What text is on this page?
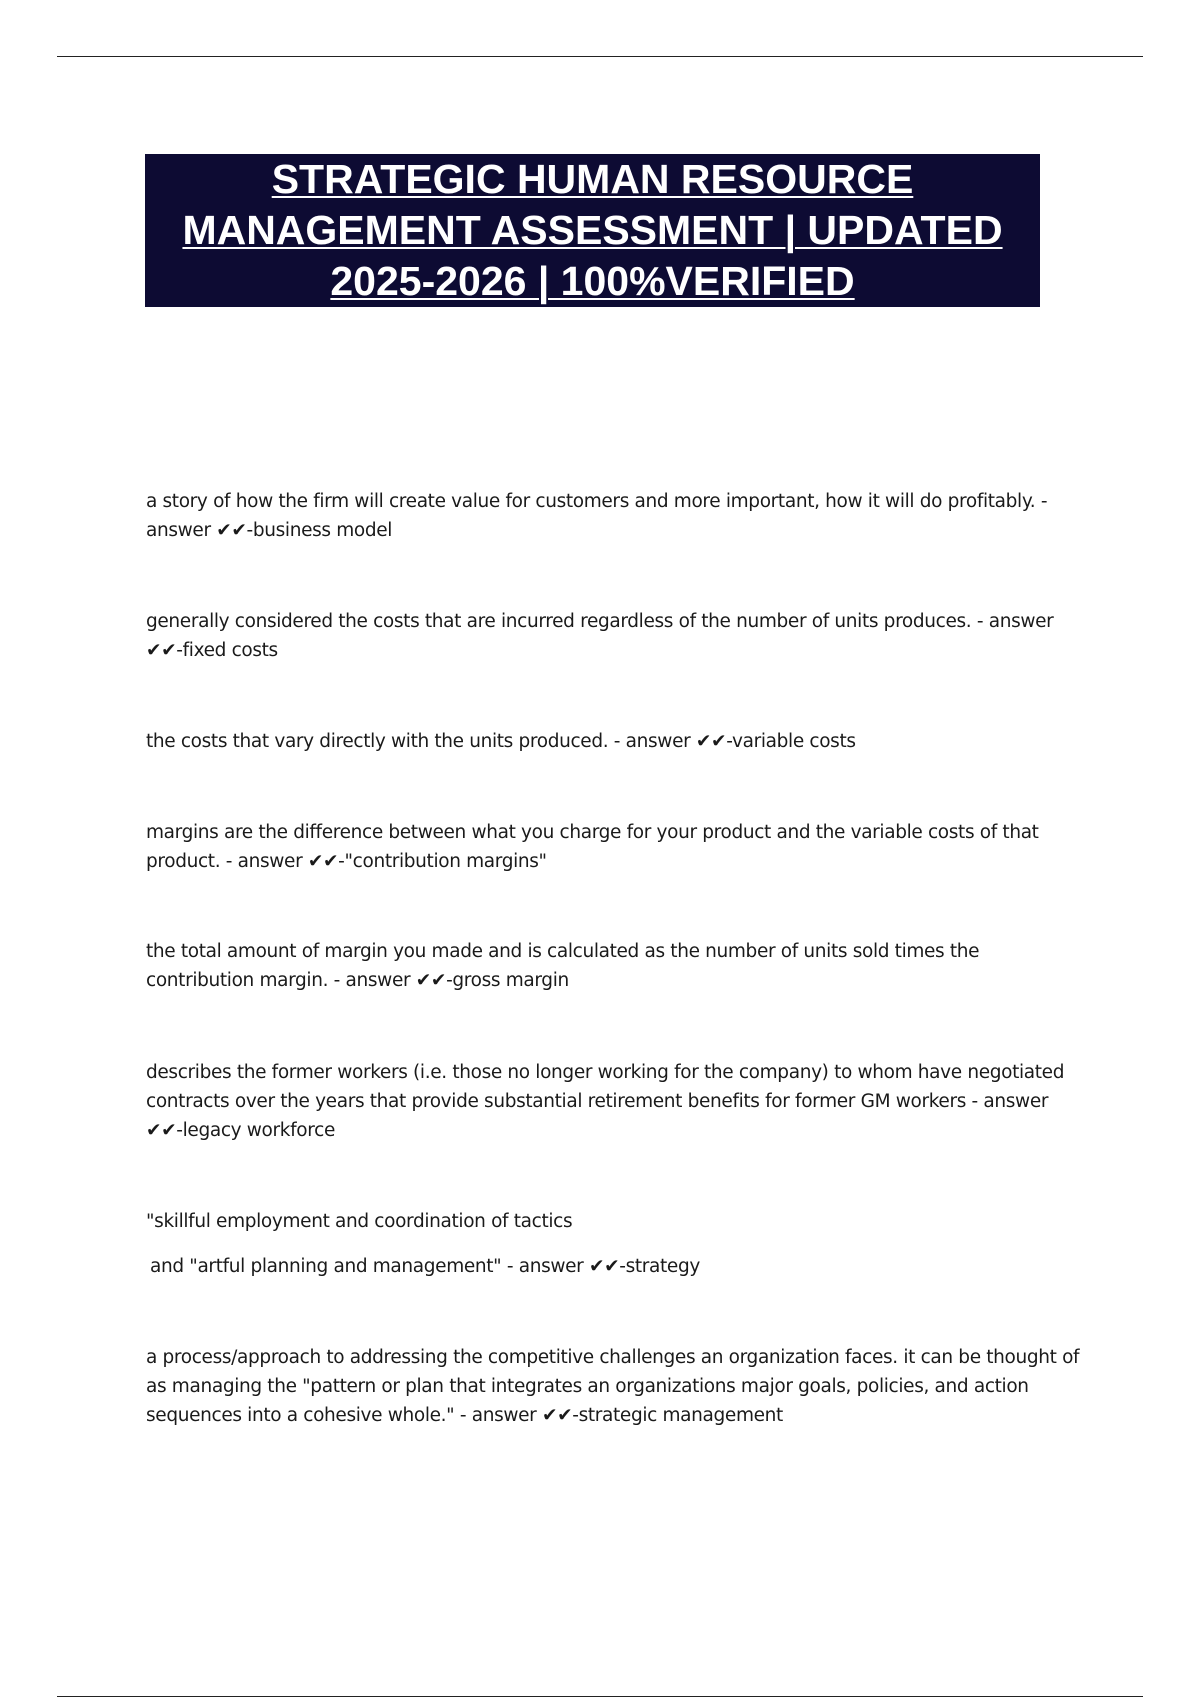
STRATEGIC HUMAN RESOURCE
MANAGEMENT ASSESSMENT | UPDATED
2025-2026 | 100%VERIFIED
a story of how the firm will create value for customers and more important, how it will do profitably. -
answer ✔✔-business model
generally considered the costs that are incurred regardless of the number of units produces. - answer
✔✔-fixed costs
the costs that vary directly with the units produced. - answer ✔✔-variable costs
margins are the difference between what you charge for your product and the variable costs of that
product. - answer ✔✔-"contribution margins"
the total amount of margin you made and is calculated as the number of units sold times the
contribution margin. - answer ✔✔-gross margin
describes the former workers (i.e. those no longer working for the company) to whom have negotiated
contracts over the years that provide substantial retirement benefits for former GM workers - answer
✔✔-legacy workforce
"skillful employment and coordination of tactics
and "artful planning and management" - answer ✔✔-strategy
a process/approach to addressing the competitive challenges an organization faces. it can be thought of
as managing the "pattern or plan that integrates an organizations major goals, policies, and action
sequences into a cohesive whole." - answer ✔✔-strategic management
